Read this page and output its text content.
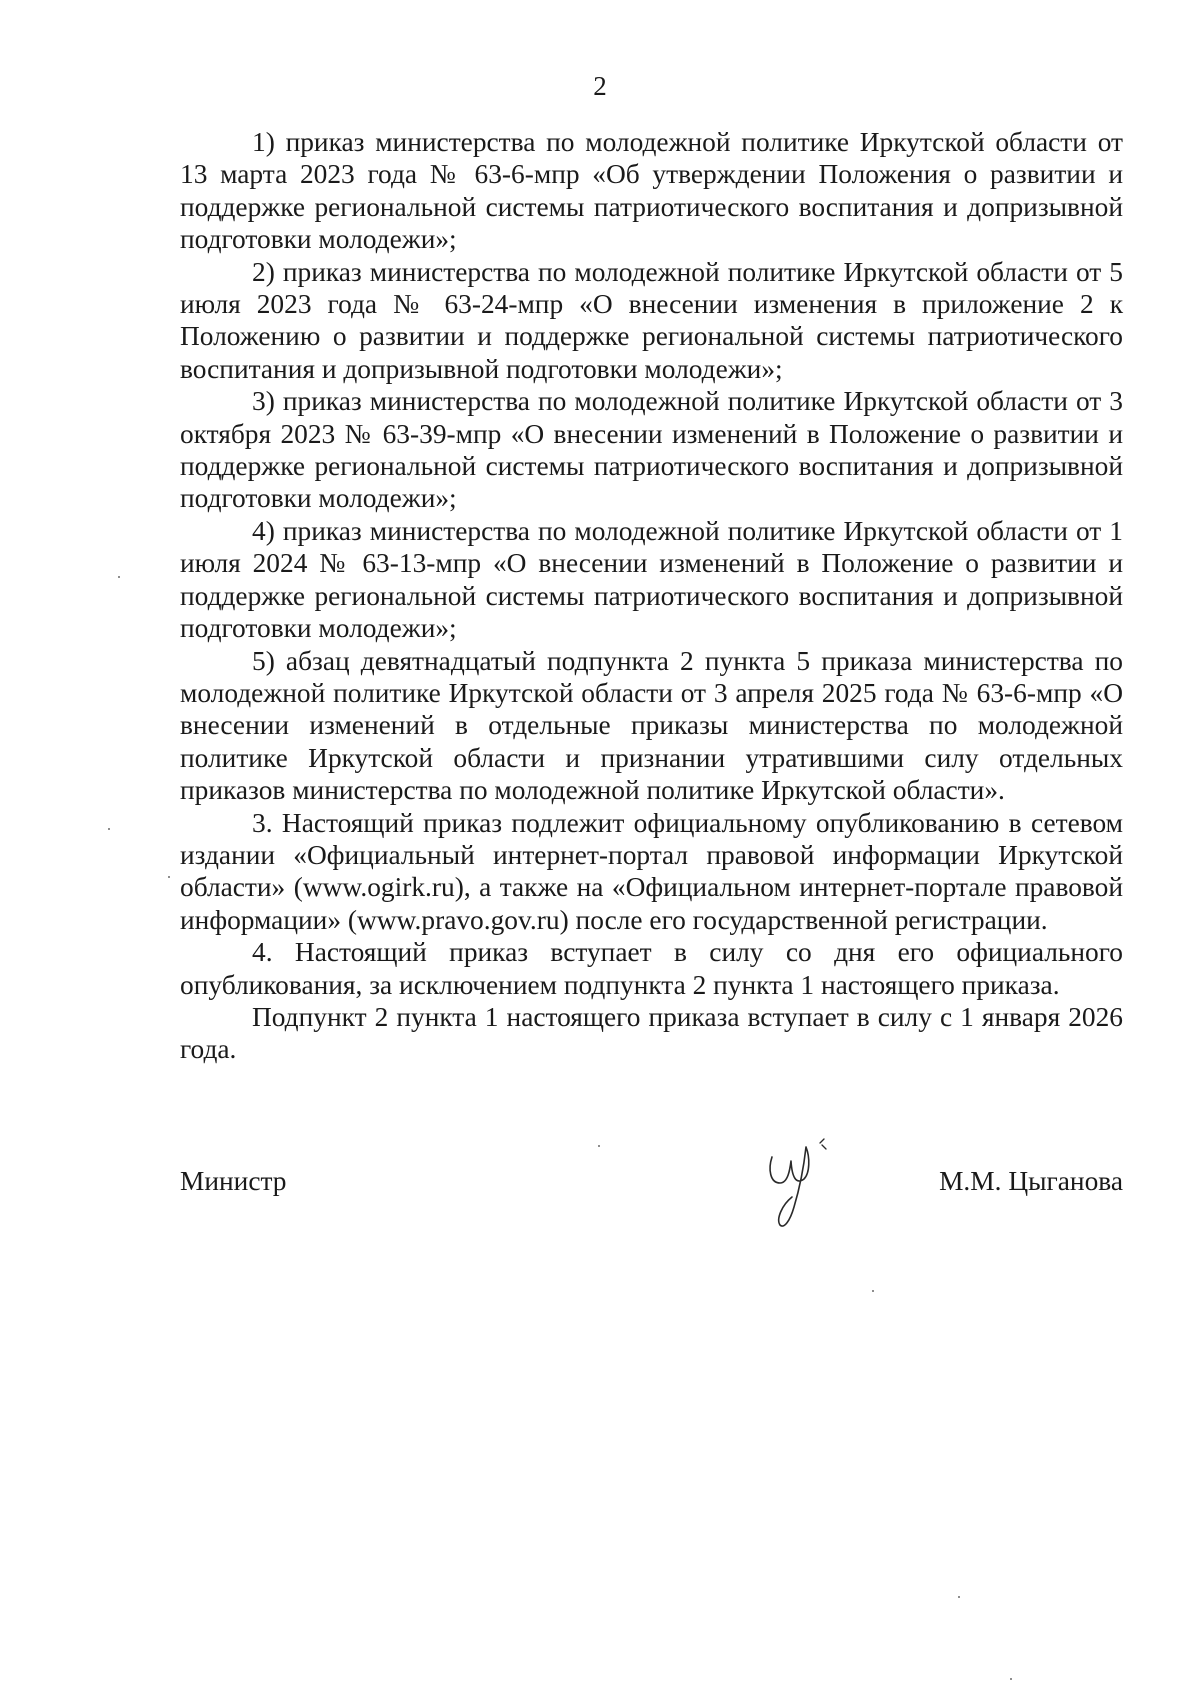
2

1) приказ министерства по молодежной политике Иркутской области от 13 марта 2023 года № 63-6-мпр «Об утверждении Положения о развитии и поддержке региональной системы патриотического воспитания и допризывной подготовки молодежи»;

2) приказ министерства по молодежной политике Иркутской области от 5 июля 2023 года № 63-24-мпр «О внесении изменения в приложение 2 к Положению о развитии и поддержке региональной системы патриотического воспитания и допризывной подготовки молодежи»;

3) приказ министерства по молодежной политике Иркутской области от 3 октября 2023 № 63-39-мпр «О внесении изменений в Положение о развитии и поддержке региональной системы патриотического воспитания и допризывной подготовки молодежи»;

4) приказ министерства по молодежной политике Иркутской области от 1 июля 2024 № 63-13-мпр «О внесении изменений в Положение о развитии и поддержке региональной системы патриотического воспитания и допризывной подготовки молодежи»;

5) абзац девятнадцатый подпункта 2 пункта 5 приказа министерства по молодежной политике Иркутской области от 3 апреля 2025 года № 63-6-мпр «О внесении изменений в отдельные приказы министерства по молодежной политике Иркутской области и признании утратившими силу отдельных приказов министерства по молодежной политике Иркутской области».

3. Настоящий приказ подлежит официальному опубликованию в сетевом издании «Официальный интернет-портал правовой информации Иркутской области» (www.ogirk.ru), а также на «Официальном интернет-портале правовой информации» (www.pravo.gov.ru) после его государственной регистрации.

4. Настоящий приказ вступает в силу со дня его официального опубликования, за исключением подпункта 2 пункта 1 настоящего приказа.

Подпункт 2 пункта 1 настоящего приказа вступает в силу с 1 января 2026 года.

Министр	М.М. Цыганова
